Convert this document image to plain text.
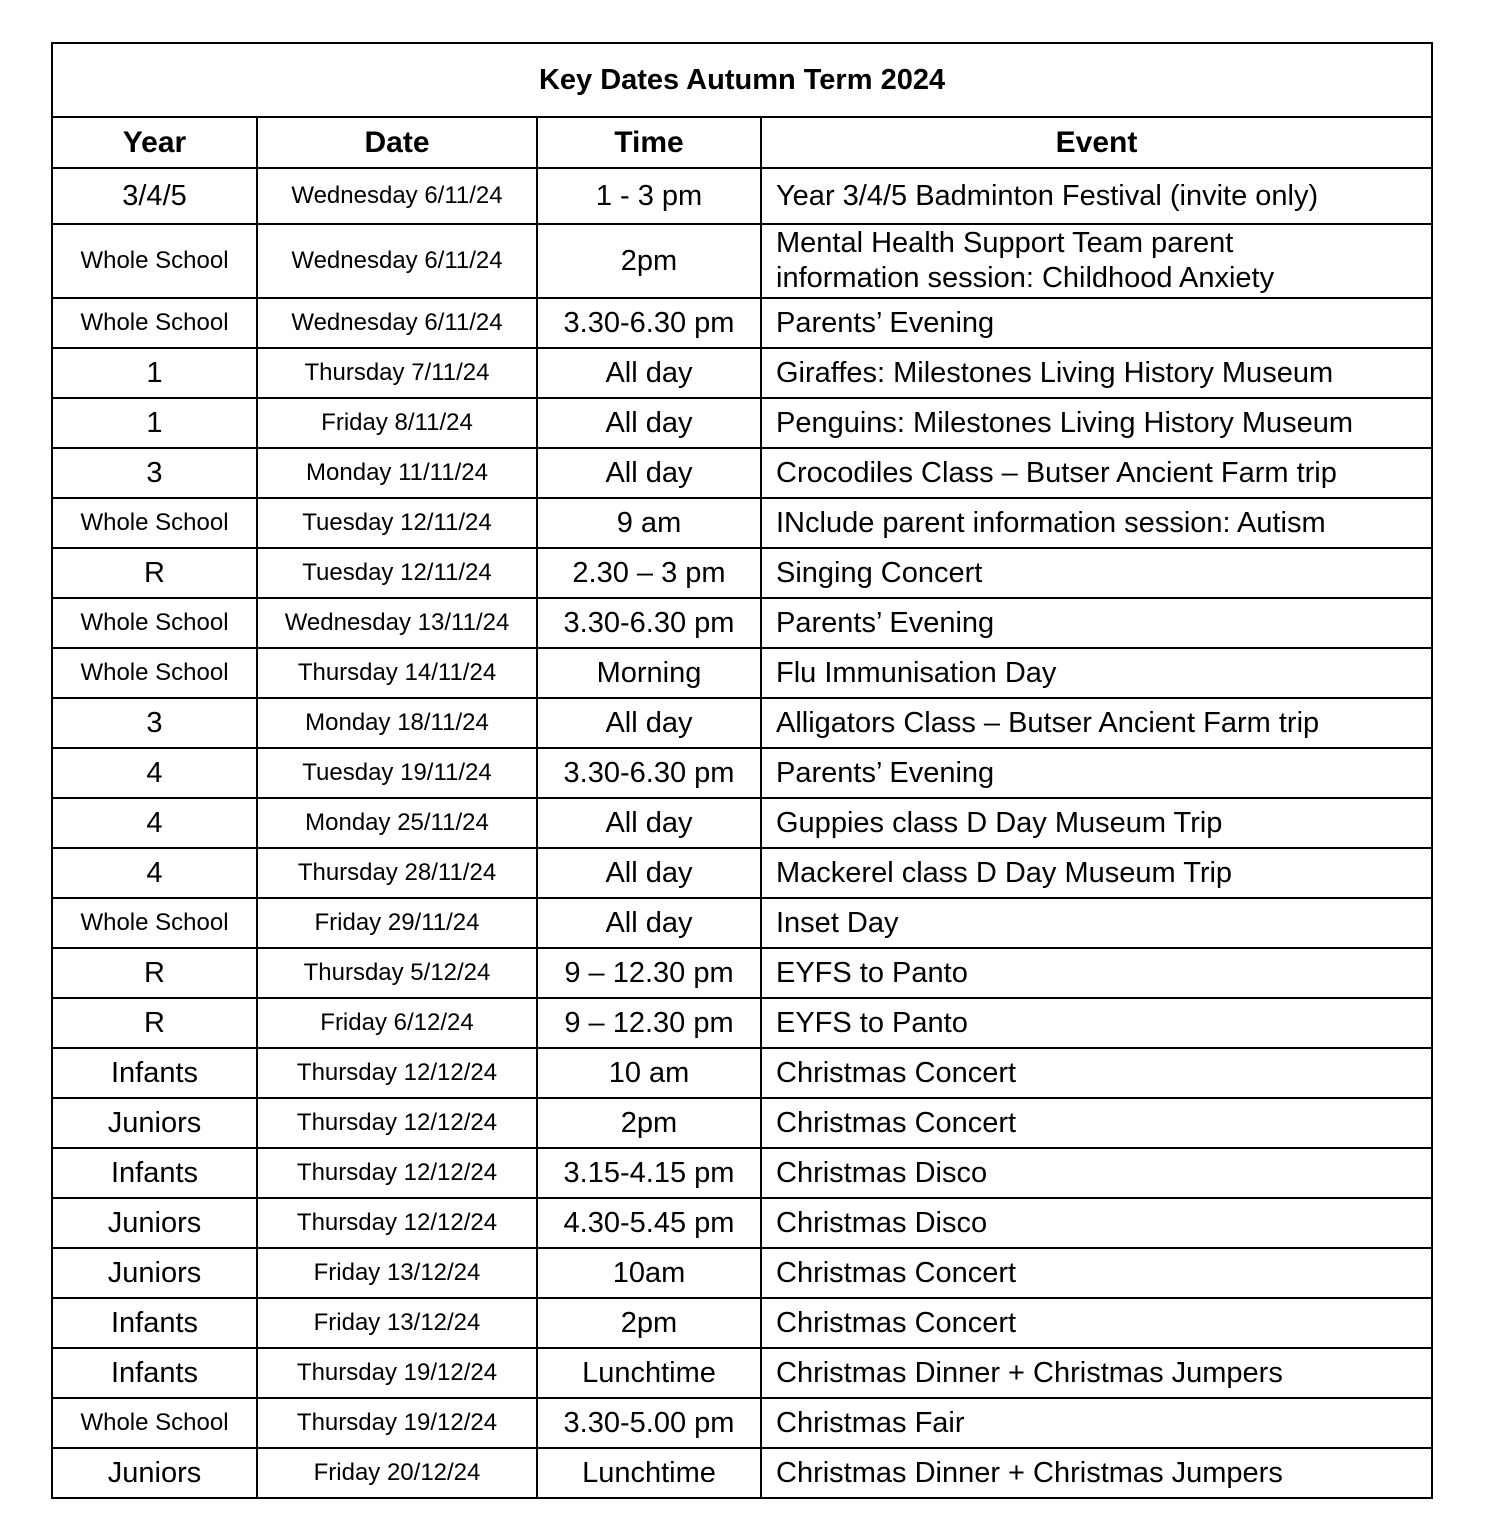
Key Dates Autumn Term 2024			
Year	Date	Time	Event
3/4/5	Wednesday 6/11/24	1 - 3 pm	Year 3/4/5 Badminton Festival (invite only)
Whole School	Wednesday 6/11/24	2pm	Mental Health Support Team parent
information session: Childhood Anxiety

Whole School	Wednesday 6/11/24	3.30-6.30 pm	Parents’ Evening
1	Thursday 7/11/24	All day	Giraffes: Milestones Living History Museum
1	Friday 8/11/24	All day	Penguins: Milestones Living History Museum
3	Monday 11/11/24	All day	Crocodiles Class – Butser Ancient Farm trip
Whole School	Tuesday 12/11/24	9 am	INclude parent information session: Autism
R	Tuesday 12/11/24	2.30 – 3 pm	Singing Concert
Whole School	Wednesday 13/11/24	3.30-6.30 pm	Parents’ Evening
Whole School	Thursday 14/11/24	Morning	Flu Immunisation Day
3	Monday 18/11/24	All day	Alligators Class – Butser Ancient Farm trip
4	Tuesday 19/11/24	3.30-6.30 pm	Parents’ Evening
4	Monday 25/11/24	All day	Guppies class D Day Museum Trip
4	Thursday 28/11/24	All day	Mackerel class D Day Museum Trip
Whole School	Friday 29/11/24	All day	Inset Day
R	Thursday 5/12/24	9 – 12.30 pm	EYFS to Panto
R	Friday 6/12/24	9 – 12.30 pm	EYFS to Panto
Infants	Thursday 12/12/24	10 am	Christmas Concert
Juniors	Thursday 12/12/24	2pm	Christmas Concert
Infants	Thursday 12/12/24	3.15-4.15 pm	Christmas Disco
Juniors	Thursday 12/12/24	4.30-5.45 pm	Christmas Disco
Juniors	Friday 13/12/24	10am	Christmas Concert
Infants	Friday 13/12/24	2pm	Christmas Concert
Infants	Thursday 19/12/24	Lunchtime	Christmas Dinner + Christmas Jumpers
Whole School	Thursday 19/12/24	3.30-5.00 pm	Christmas Fair
Juniors	Friday 20/12/24	Lunchtime	Christmas Dinner + Christmas Jumpers
